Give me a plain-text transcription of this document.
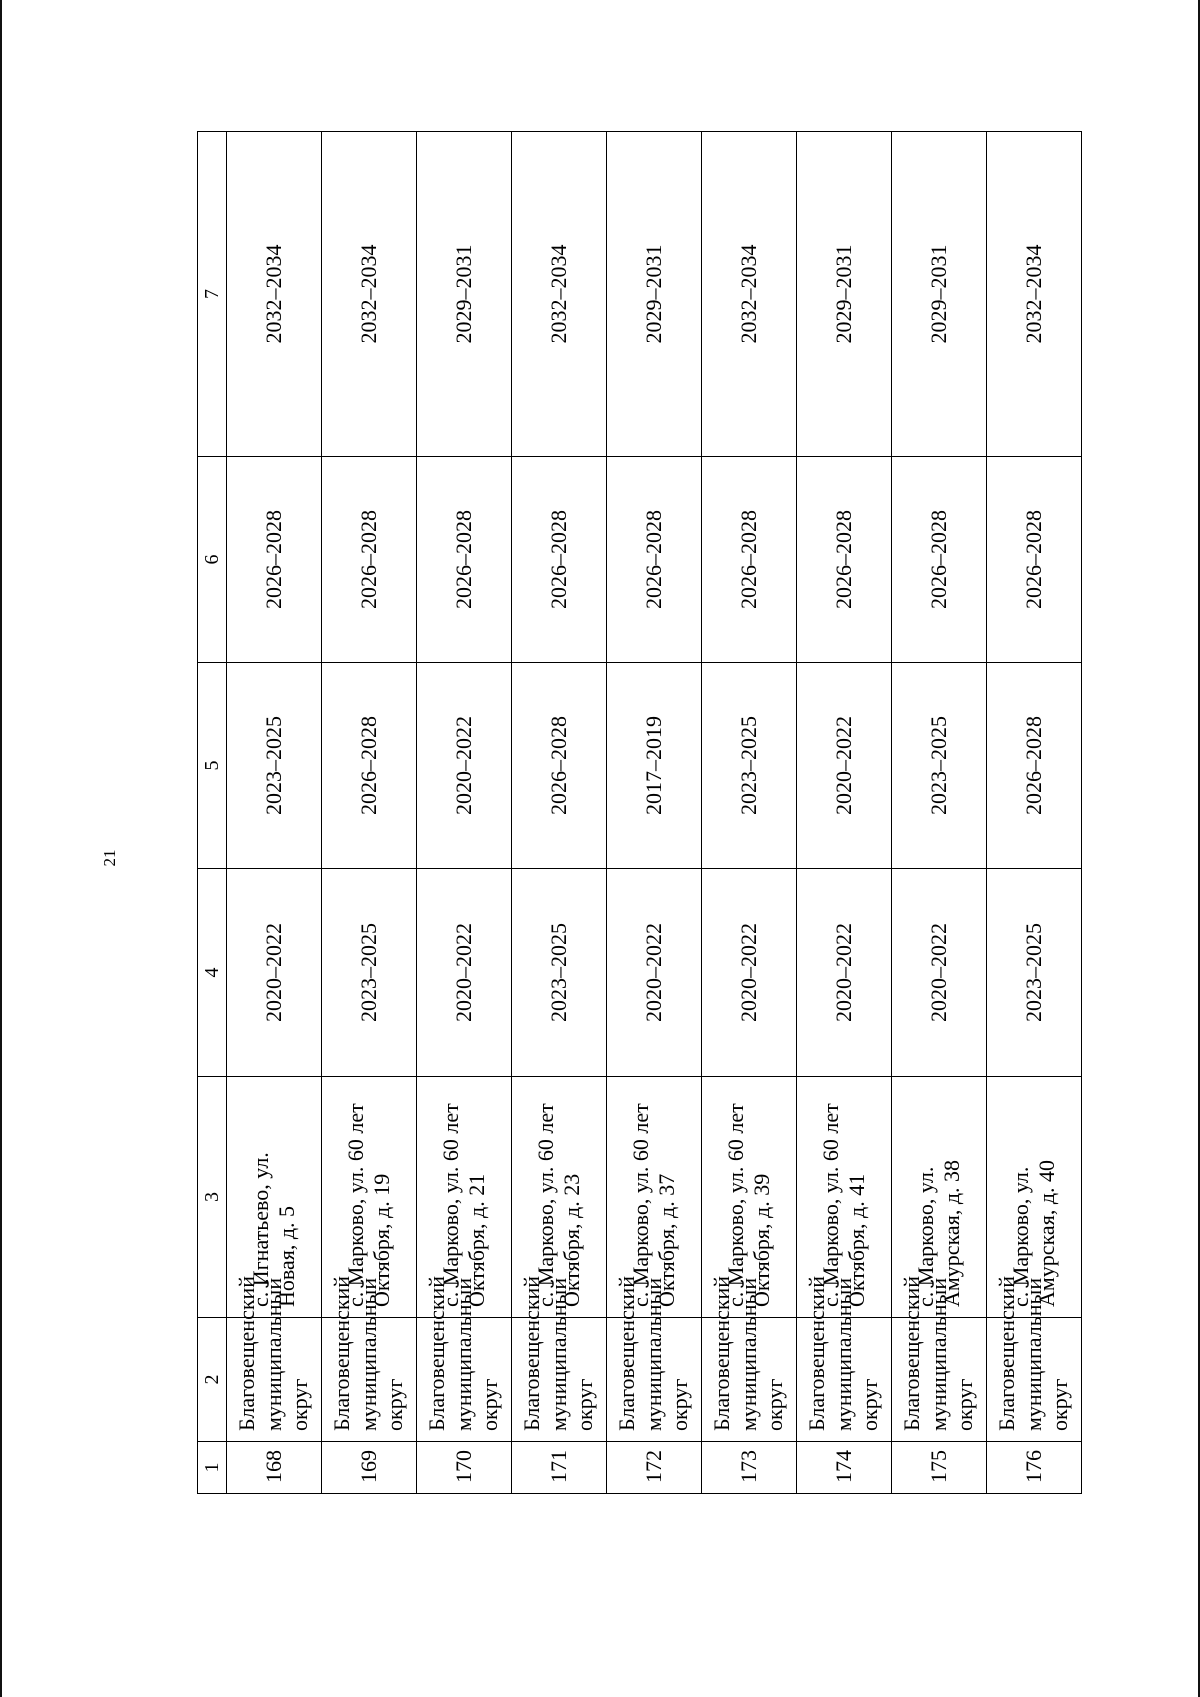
21
1	2	3	4	5	6	7
168	Благовещенский муниципальный округ	с. Игнатьево, ул. Новая, д. 5	2020–2022	2023–2025	2026–2028	2032–2034
169	Благовещенский муниципальный округ	с. Марково, ул. 60 лет Октября, д. 19	2023–2025	2026–2028	2026–2028	2032–2034
170	Благовещенский муниципальный округ	с. Марково, ул. 60 лет Октября, д. 21	2020–2022	2020–2022	2026–2028	2029–2031
171	Благовещенский муниципальный округ	с. Марково, ул. 60 лет Октября, д. 23	2023–2025	2026–2028	2026–2028	2032–2034
172	Благовещенский муниципальный округ	с. Марково, ул. 60 лет Октября, д. 37	2020–2022	2017–2019	2026–2028	2029–2031
173	Благовещенский муниципальный округ	с. Марково, ул. 60 лет Октября, д. 39	2020–2022	2023–2025	2026–2028	2032–2034
174	Благовещенский муниципальный округ	с. Марково, ул. 60 лет Октября, д. 41	2020–2022	2020–2022	2026–2028	2029–2031
175	Благовещенский муниципальный округ	с. Марково, ул. Амурская, д. 38	2020–2022	2023–2025	2026–2028	2029–2031
176	Благовещенский муниципальный округ	с. Марково, ул. Амурская, д. 40	2023–2025	2026–2028	2026–2028	2032–2034
